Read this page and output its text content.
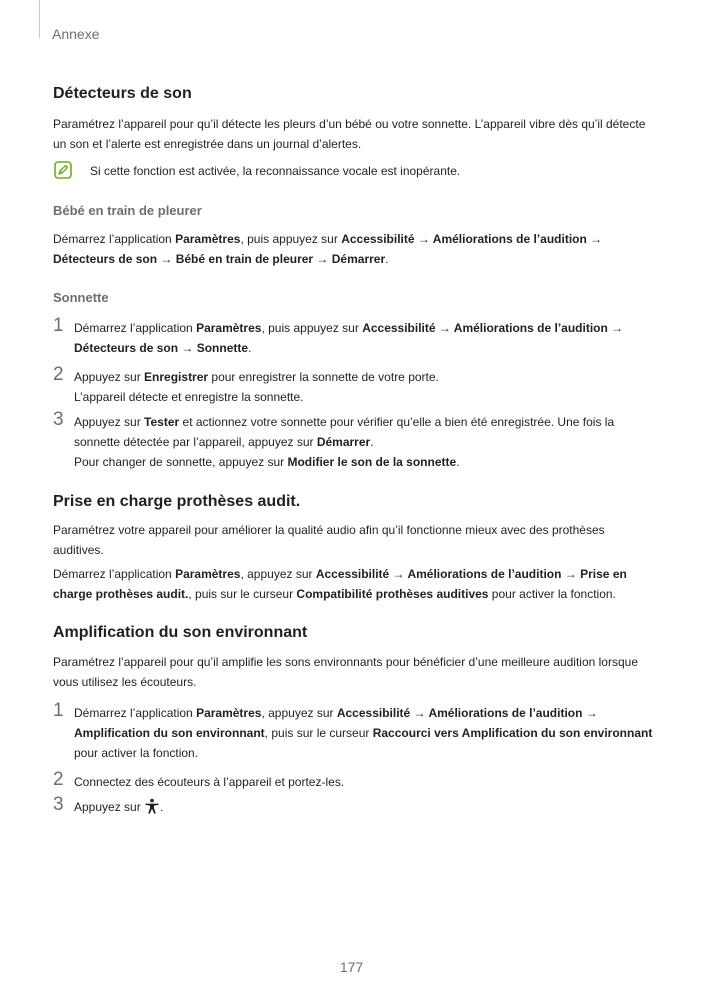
Annexe
Détecteurs de son

Paramétrez l’appareil pour qu’il détecte les pleurs d’un bébé ou votre sonnette. L’appareil vibre dès qu’il détecte un son et l’alerte est enregistrée dans un journal d’alertes.

Si cette fonction est activée, la reconnaissance vocale est inopérante.

Bébé en train de pleurer

Démarrez l’application Paramètres, puis appuyez sur Accessibilité → Améliorations de l’audition → Détecteurs de son → Bébé en train de pleurer → Démarrer.

Sonnette
1 Démarrez l’application Paramètres, puis appuyez sur Accessibilité → Améliorations de l’audition → Détecteurs de son → Sonnette.

2 Appuyez sur Enregistrer pour enregistrer la sonnette de votre porte.

L’appareil détecte et enregistre la sonnette.

3 Appuyez sur Tester et actionnez votre sonnette pour vérifier qu’elle a bien été enregistrée. Une fois la sonnette détectée par l’appareil, appuyez sur Démarrer.

Pour changer de sonnette, appuyez sur Modifier le son de la sonnette.

Prise en charge prothèses audit.

Paramétrez votre appareil pour améliorer la qualité audio afin qu’il fonctionne mieux avec des prothèses auditives.

Démarrez l’application Paramètres, appuyez sur Accessibilité → Améliorations de l’audition → Prise en charge prothèses audit., puis sur le curseur Compatibilité prothèses auditives pour activer la fonction.

Amplification du son environnant

Paramétrez l’appareil pour qu’il amplifie les sons environnants pour bénéficier d’une meilleure audition lorsque vous utilisez les écouteurs.

1 Démarrez l’application Paramètres, appuyez sur Accessibilité → Améliorations de l’audition → Amplification du son environnant, puis sur le curseur Raccourci vers Amplification du son environnant pour activer la fonction.

2 Connectez des écouteurs à l’appareil et portez-les.

3 Appuyez sur .

177
